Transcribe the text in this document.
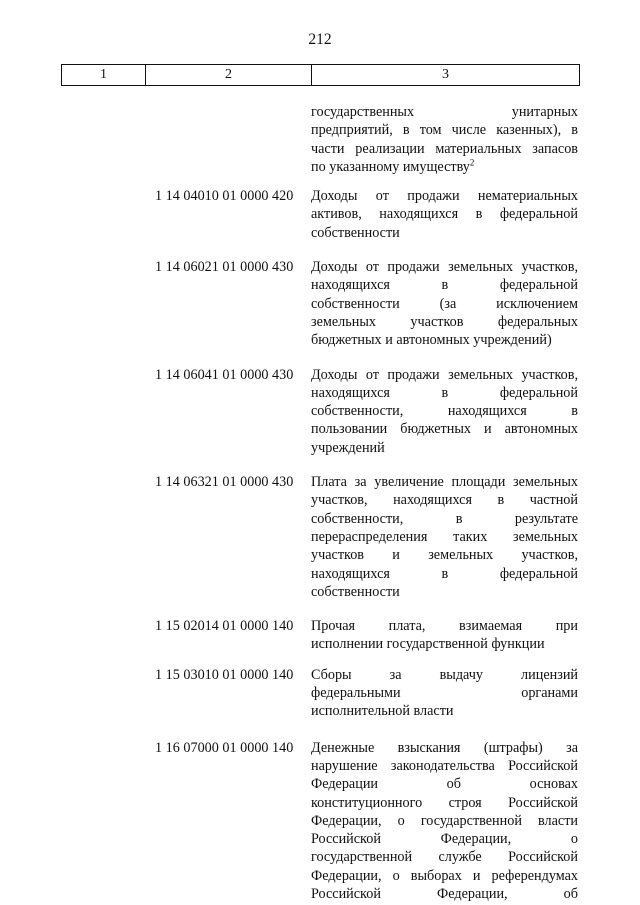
212
1	2	3
государственных унитарных
предприятий, в том числе казенных), в
части реализации материальных запасов
по указанному имуществу$^2$
1 14 04010 01 0000 420 Доходы от продажи нематериальных
активов, находящихся в федеральной
собственности
1 14 06021 01 0000 430 Доходы от продажи земельных участков,
находящихся в федеральной
собственности (за исключением
земельных участков федеральных
бюджетных и автономных учреждений)
1 14 06041 01 0000 430 Доходы от продажи земельных участков,
находящихся в федеральной
собственности, находящихся в
пользовании бюджетных и автономных
учреждений
1 14 06321 01 0000 430 Плата за увеличение площади земельных
участков, находящихся в частной
собственности, в результате
перераспределения таких земельных
участков и земельных участков,
находящихся в федеральной
собственности
1 15 02014 01 0000 140 Прочая плата, взимаемая при
исполнении государственной функции
1 15 03010 01 0000 140 Сборы за выдачу лицензий
федеральными органами
исполнительной власти
1 16 07000 01 0000 140 Денежные взыскания (штрафы) за
нарушение законодательства Российской
Федерации об основах
конституционного строя Российской
Федерации, о государственной власти
Российской Федерации, о
государственной службе Российской
Федерации, о выборах и референдумах
Российской Федерации, об
